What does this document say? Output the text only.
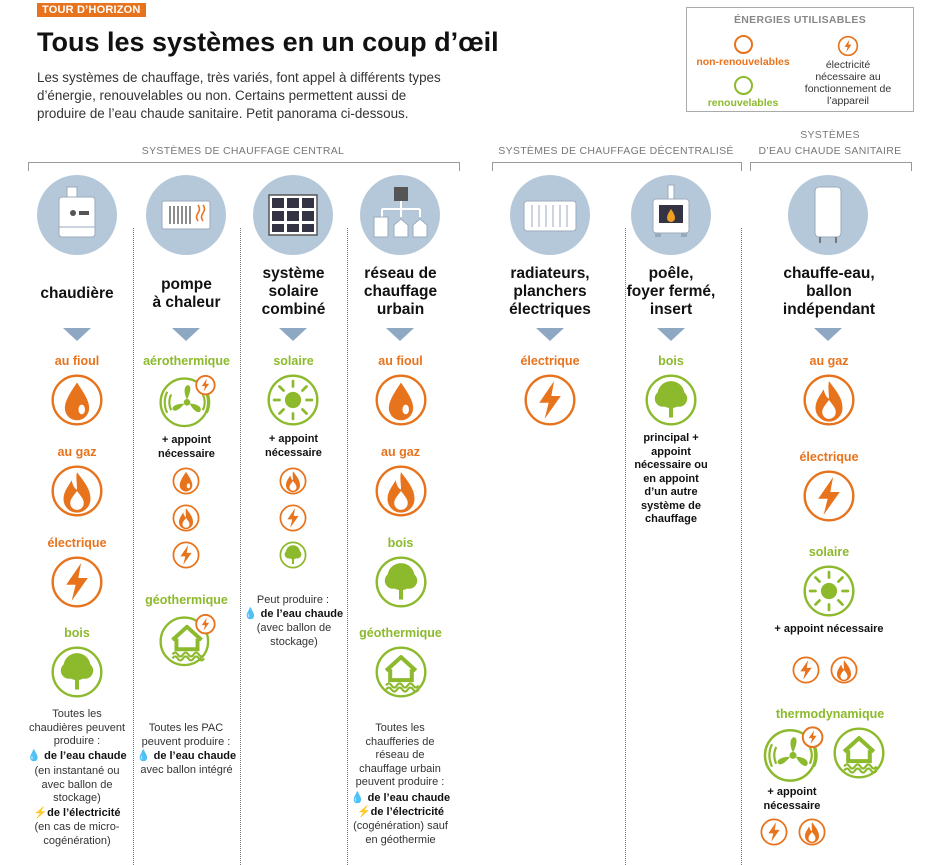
TOUR D’HORIZON
Tous les systèmes en un coup d’œil
Les systèmes de chauffage, très variés, font appel à différents types d’énergie, renouvelables ou non. Certains permettent aussi de produire de l’eau chaude sanitaire. Petit panorama ci-dessous.
ÉNERGIES UTILISABLES
non-renouvelables
renouvelables
électricité nécessaire au fonctionnement de l’appareil
SYSTÈMES DE CHAUFFAGE CENTRAL	SYSTÈMES DE CHAUFFAGE DÉCENTRALISÉ
SYSTÈMES
D’EAU CHAUDE SANITAIRE
chaudière
au fioul
au gaz
électrique
bois
Toutes les chaudières peuvent produire :
💧 de l’eau chaude
(en instantané ou avec ballon de stockage)
⚡de l’électricité
(en cas de micro-cogénération)
pompe
à chaleur
aérothermique
+ appoint nécessaire
géothermique
Toutes les PAC peuvent produire :
💧 de l’eau chaude
avec ballon intégré
système
solaire
combiné
solaire
+ appoint nécessaire
Peut produire :
💧 de l’eau chaude
(avec ballon de stockage)
réseau de
chauffage
urbain
au fioul
au gaz
bois
géothermique
Toutes les chaufferies de réseau de chauffage urbain peuvent produire :
💧 de l’eau chaude
⚡de l’électricité
(cogénération) sauf en géothermie
radiateurs,
planchers
électriques
électrique
poêle,
foyer fermé,
insert
bois
principal + appoint nécessaire ou en appoint d’un autre système de chauffage
chauffe-eau,
ballon
indépendant
au gaz
électrique
solaire
+ appoint nécessaire
thermodynamique
+ appoint nécessaire
